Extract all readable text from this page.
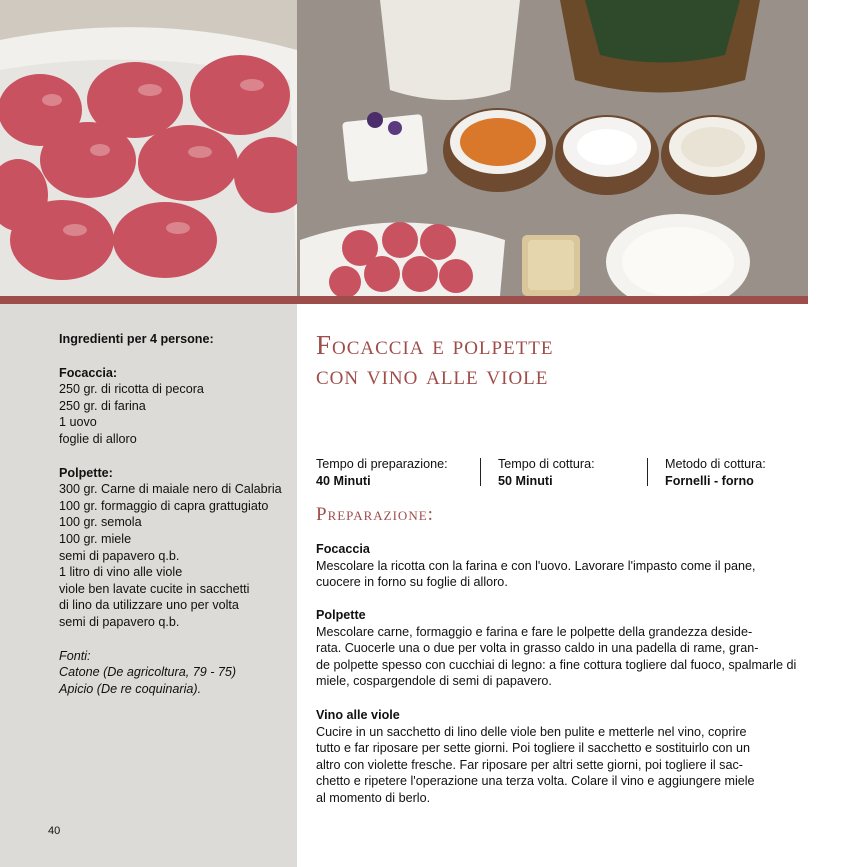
Ingredienti per 4 persone:
Focaccia:
250 gr. di ricotta di pecora
250 gr. di farina
1 uovo
foglie di alloro
Polpette:
300 gr. Carne di maiale nero di Calabria
100 gr. formaggio di capra grattugiato
100 gr. semola
100 gr. miele
semi di papavero q.b.
1 litro di vino alle viole
viole ben lavate cucite in sacchetti
di lino da utilizzare uno per volta
semi di papavero q.b.
Fonti:
Catone (De agricoltura, 79 - 75)
Apicio (De re coquinaria).
40
Focaccia e polpette
con vino alle viole
Tempo di preparazione:
40 Minuti
Tempo di cottura:
50 Minuti
Metodo di cottura:
Fornelli - forno
Preparazione:
Focaccia
Mescolare la ricotta con la farina e con l'uovo. Lavorare l'impasto come il pane,
cuocere in forno su foglie di alloro.
Polpette
Mescolare carne, formaggio e farina e fare le polpette della grandezza deside-
rata. Cuocerle una o due per volta in grasso caldo in una padella di rame, gran-
de polpette spesso con cucchiai di legno: a fine cottura togliere dal fuoco, spalmarle di
miele, cospargendole di semi di papavero.
Vino alle viole
Cucire in un sacchetto di lino delle viole ben pulite e metterle nel vino, coprire
tutto e far riposare per sette giorni. Poi togliere il sacchetto e sostituirlo con un
altro con violette fresche. Far riposare per altri sette giorni, poi togliere il sac-
chetto e ripetere l'operazione una terza volta. Colare il vino e aggiungere miele
al momento di berlo.
